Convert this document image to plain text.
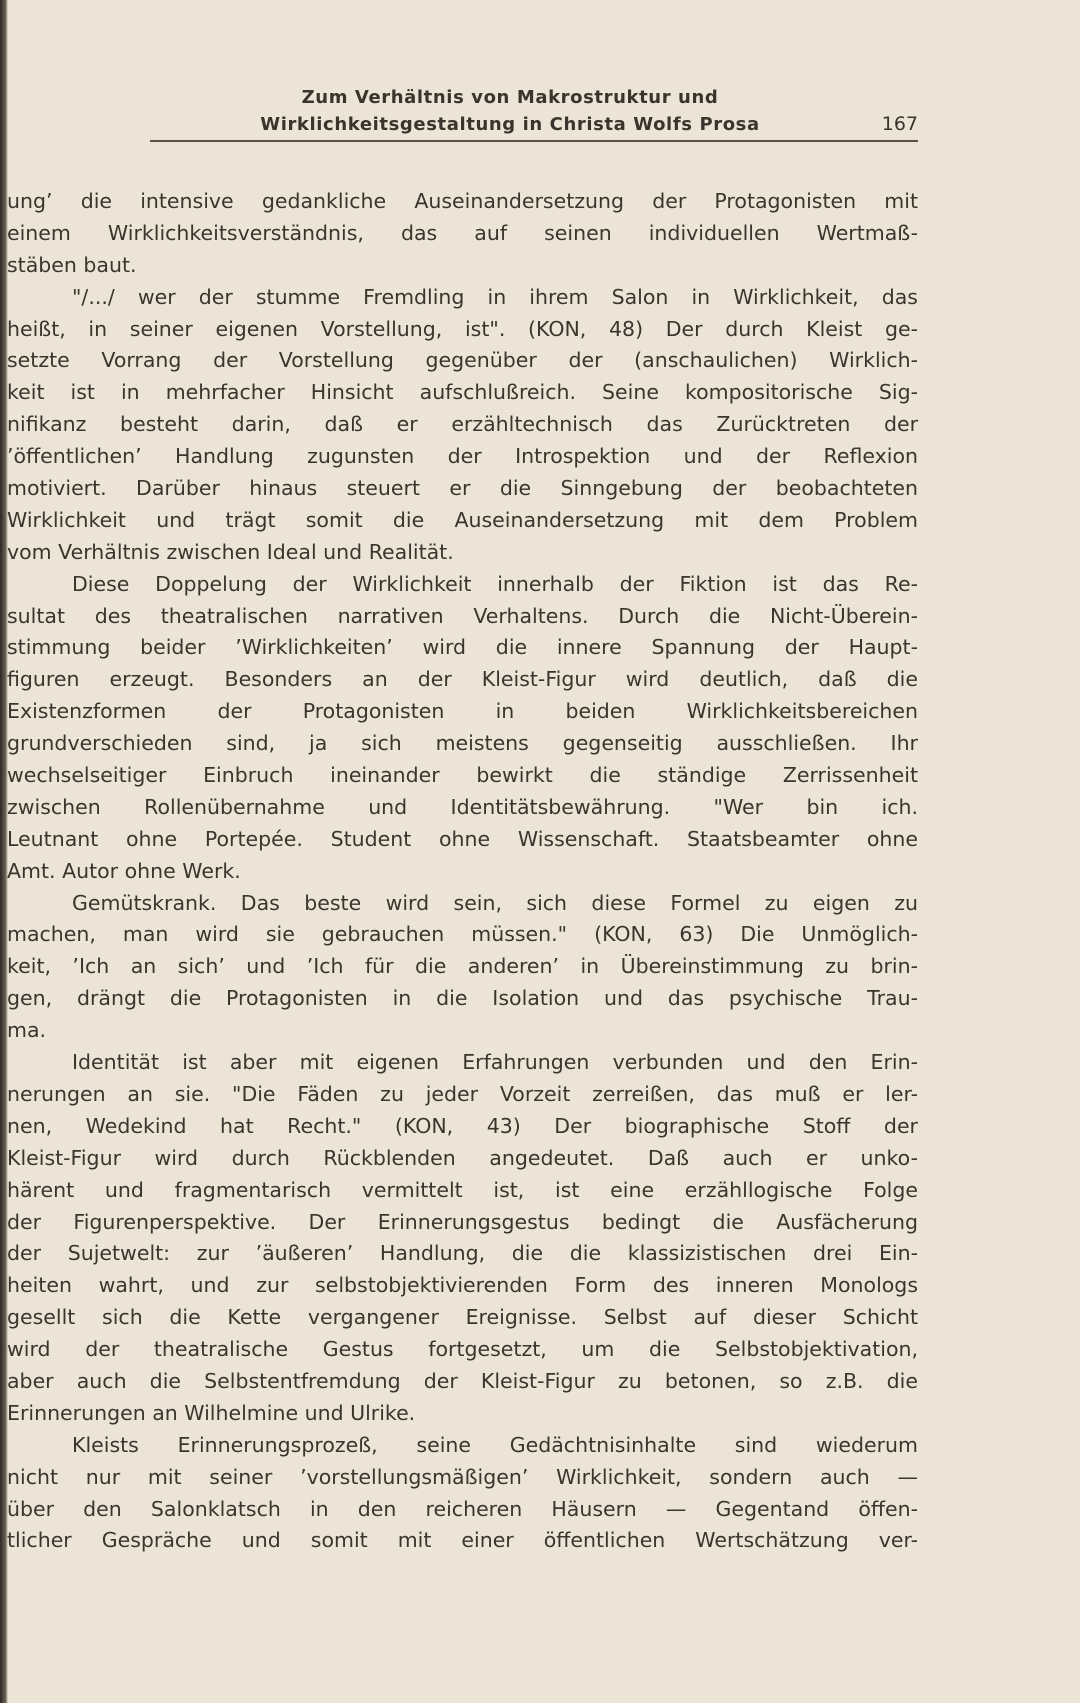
Zum Verhältnis von Makrostruktur und
Wirklichkeitsgestaltung in Christa Wolfs Prosa	167
ung’ die intensive gedankliche Auseinandersetzung der Protagonisten mit
einem Wirklichkeitsverständnis, das auf seinen individuellen Wertmaß-
stäben baut.
"/.../ wer der stumme Fremdling in ihrem Salon in Wirklichkeit, das
heißt, in seiner eigenen Vorstellung, ist". (KON, 48) Der durch Kleist ge-
setzte Vorrang der Vorstellung gegenüber der (anschaulichen) Wirklich-
keit ist in mehrfacher Hinsicht aufschlußreich. Seine kompositorische Sig-
nifikanz besteht darin, daß er erzähltechnisch das Zurücktreten der
’öffentlichen’ Handlung zugunsten der Introspektion und der Reflexion
motiviert. Darüber hinaus steuert er die Sinngebung der beobachteten
Wirklichkeit und trägt somit die Auseinandersetzung mit dem Problem
vom Verhältnis zwischen Ideal und Realität.
Diese Doppelung der Wirklichkeit innerhalb der Fiktion ist das Re-
sultat des theatralischen narrativen Verhaltens. Durch die Nicht-Überein-
stimmung beider ’Wirklichkeiten’ wird die innere Spannung der Haupt-
figuren erzeugt. Besonders an der Kleist-Figur wird deutlich, daß die
Existenzformen der Protagonisten in beiden Wirklichkeitsbereichen
grundverschieden sind, ja sich meistens gegenseitig ausschließen. Ihr
wechselseitiger Einbruch ineinander bewirkt die ständige Zerrissenheit
zwischen Rollenübernahme und Identitätsbewährung. "Wer bin ich.
Leutnant ohne Portepée. Student ohne Wissenschaft. Staatsbeamter ohne
Amt. Autor ohne Werk.
Gemütskrank. Das beste wird sein, sich diese Formel zu eigen zu
machen, man wird sie gebrauchen müssen." (KON, 63) Die Unmöglich-
keit, ’Ich an sich’ und ’Ich für die anderen’ in Übereinstimmung zu brin-
gen, drängt die Protagonisten in die Isolation und das psychische Trau-
ma.
Identität ist aber mit eigenen Erfahrungen verbunden und den Erin-
nerungen an sie. "Die Fäden zu jeder Vorzeit zerreißen, das muß er ler-
nen, Wedekind hat Recht." (KON, 43) Der biographische Stoff der
Kleist-Figur wird durch Rückblenden angedeutet. Daß auch er unko-
härent und fragmentarisch vermittelt ist, ist eine erzähllogische Folge
der Figurenperspektive. Der Erinnerungsgestus bedingt die Ausfächerung
der Sujetwelt: zur ’äußeren’ Handlung, die die klassizistischen drei Ein-
heiten wahrt, und zur selbstobjektivierenden Form des inneren Monologs
gesellt sich die Kette vergangener Ereignisse. Selbst auf dieser Schicht
wird der theatralische Gestus fortgesetzt, um die Selbstobjektivation,
aber auch die Selbstentfremdung der Kleist-Figur zu betonen, so z.B. die
Erinnerungen an Wilhelmine und Ulrike.
Kleists Erinnerungsprozeß, seine Gedächtnisinhalte sind wiederum
nicht nur mit seiner ’vorstellungsmäßigen’ Wirklichkeit, sondern auch —
über den Salonklatsch in den reicheren Häusern — Gegentand öffen-
tlicher Gespräche und somit mit einer öffentlichen Wertschätzung ver-
